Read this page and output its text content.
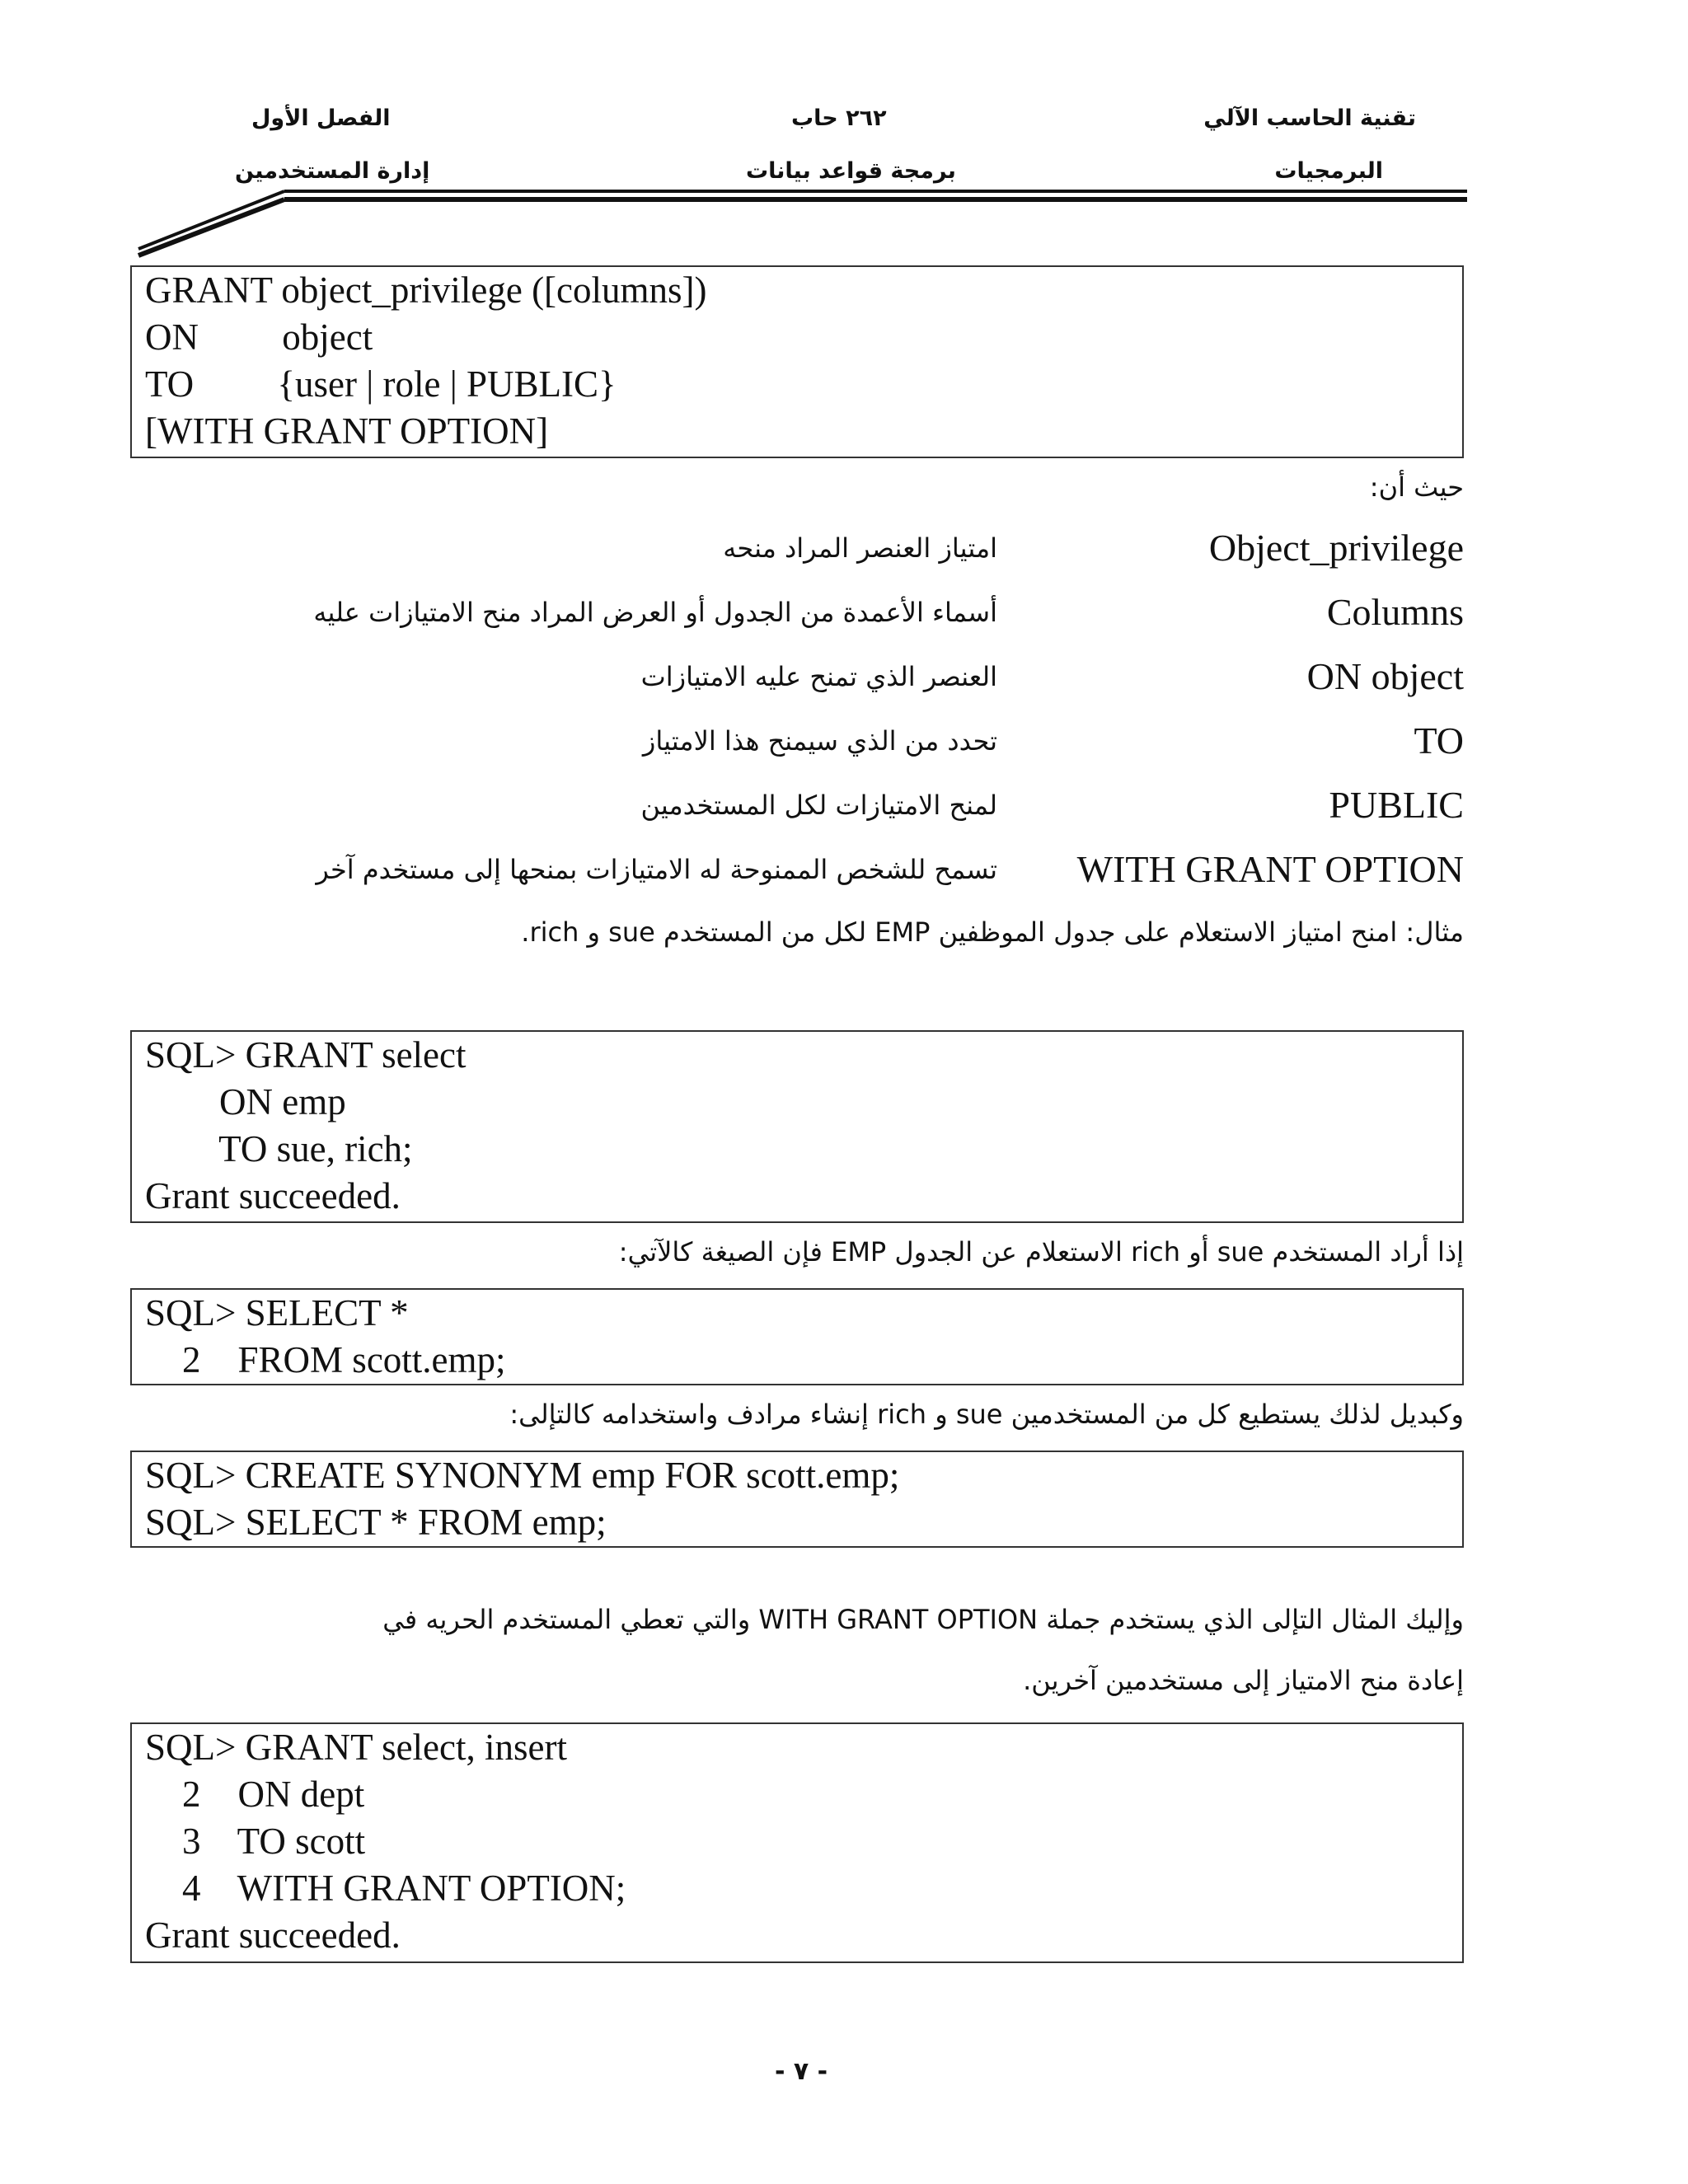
تقنية الحاسب الآلي
البرمجيات
٢٦٢ حاب
برمجة قواعد بيانات
الفصل الأول
إدارة المستخدمين
GRANT object_privilege ([columns])
ON         object
TO         {user | role | PUBLIC}
[WITH GRANT OPTION]
حيث أن:
Object_privilege
امتياز العنصر المراد منحه
Columns
أسماء الأعمدة من الجدول أو العرض المراد منح الامتيازات عليه
ON object
العنصر الذي تمنح عليه الامتيازات
TO
تحدد من الذي سيمنح هذا الامتياز
PUBLIC
لمنح الامتيازات لكل المستخدمين
WITH GRANT OPTION
تسمح للشخص الممنوحة له الامتيازات بمنحها إلى مستخدم آخر
مثال: امنح امتياز الاستعلام على جدول الموظفين EMP لكل من المستخدم sue و rich.
SQL> GRANT select
ON emp
TO sue, rich;
Grant succeeded.
إذا أراد المستخدم sue أو rich الاستعلام عن الجدول EMP فإن الصيغة كالآتي:
SQL> SELECT *
2    FROM scott.emp;
وكبديل لذلك يستطيع كل من المستخدمين sue و rich إنشاء مرادف واستخدامه كالتإلى:
SQL> CREATE SYNONYM emp FOR scott.emp;
SQL> SELECT * FROM emp;
وإليك المثال التإلى الذي يستخدم جملة WITH GRANT OPTION والتي تعطي المستخدم الحريه في
إعادة منح الامتياز إلى مستخدمين آخرين.
SQL> GRANT select, insert
2    ON dept
3    TO scott
4    WITH GRANT OPTION;
Grant succeeded.
- ٧ -
